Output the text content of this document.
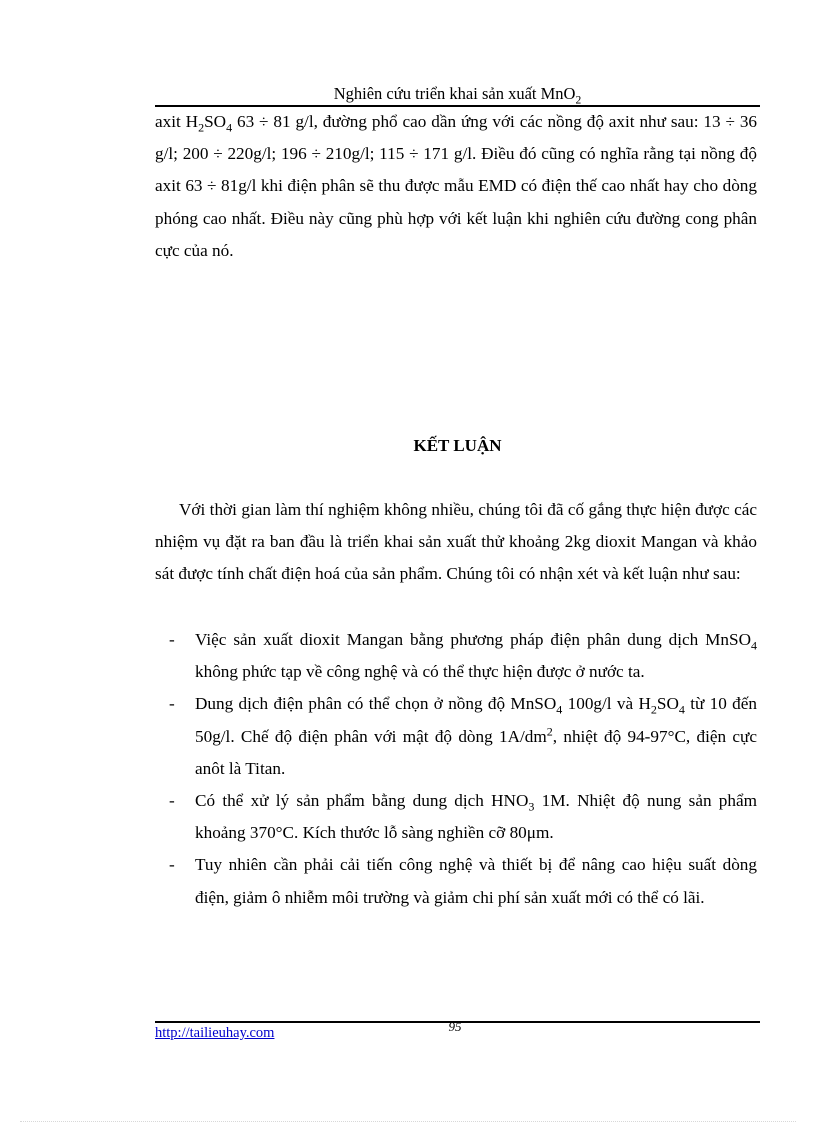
Nghiên cứu triển khai sản xuất MnO$_2$
axit $H_2SO_4$ 63 ÷ 81 g/l, đường phổ cao dần ứng với các nồng độ axit như sau: 13 ÷ 36 g/l; 200 ÷ 220g/l; 196 ÷ 210g/l; 115 ÷ 171 g/l. Điều đó cũng có nghĩa rằng tại nồng độ axit 63 ÷ 81g/l khi điện phân sẽ thu được mẫu EMD có điện thế cao nhất hay cho dòng phóng cao nhất. Điều này cũng phù hợp với kết luận khi nghiên cứu đường cong phân cực của nó.
KẾT LUẬN
Với thời gian làm thí nghiệm không nhiều, chúng tôi đã cố gắng thực hiện được các nhiệm vụ đặt ra ban đầu là triển khai sản xuất thử khoảng 2kg dioxit Mangan và khảo sát được tính chất điện hoá của sản phẩm. Chúng tôi có nhận xét và kết luận như sau:
- Việc sản xuất dioxit Mangan bằng phương pháp điện phân dung dịch MnSO$_4$ không phức tạp về công nghệ và có thể thực hiện được ở nước ta.
- Dung dịch điện phân có thể chọn ở nồng độ MnSO$_4$ 100g/l và $H_2SO_4$ từ 10 đến 50g/l. Chế độ điện phân với mật độ dòng $1A/dm^2$, nhiệt độ 94-97°C, điện cực anôt là Titan.
- Có thể xử lý sản phẩm bằng dung dịch $HNO_3$ 1M. Nhiệt độ nung sản phẩm khoảng 370°C. Kích thước lỗ sàng nghiền cỡ 80μm.
- Tuy nhiên cần phải cải tiến công nghệ và thiết bị để nâng cao hiệu suất dòng điện, giảm ô nhiễm môi trường và giảm chi phí sản xuất mới có thể có lãi.
http://tailieuhay.com	95
